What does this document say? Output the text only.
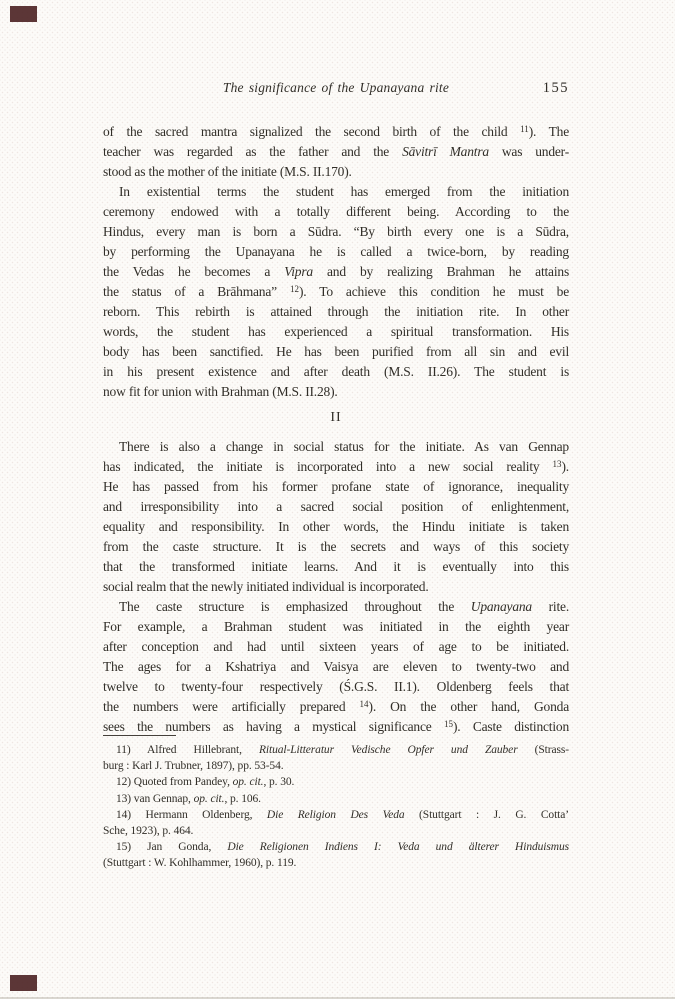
The significance of the Upanayana rite	155
of the sacred mantra signalized the second birth of the child $^{11}$). The
teacher was regarded as the father and the Sāvitrī Mantra was under-
stood as the mother of the initiate (M.S. II.170).
In existential terms the student has emerged from the initiation
ceremony endowed with a totally different being. According to the
Hindus, every man is born a Sūdra. “By birth every one is a Sūdra,
by performing the Upanayana he is called a twice-born, by reading
the Vedas he becomes a Vipra and by realizing Brahman he attains
the status of a Brāhmana” $^{12}$). To achieve this condition he must be
reborn. This rebirth is attained through the initiation rite. In other
words, the student has experienced a spiritual transformation. His
body has been sanctified. He has been purified from all sin and evil
in his present existence and after death (M.S. II.26). The student is
now fit for union with Brahman (M.S. II.28).
II
There is also a change in social status for the initiate. As van Gennap
has indicated, the initiate is incorporated into a new social reality $^{13}$).
He has passed from his former profane state of ignorance, inequality
and irresponsibility into a sacred social position of enlightenment,
equality and responsibility. In other words, the Hindu initiate is taken
from the caste structure. It is the secrets and ways of this society
that the transformed initiate learns. And it is eventually into this
social realm that the newly initiated individual is incorporated.
The caste structure is emphasized throughout the Upanayana rite.
For example, a Brahman student was initiated in the eighth year
after conception and had until sixteen years of age to be initiated.
The ages for a Kshatriya and Vaisya are eleven to twenty-two and
twelve to twenty-four respectively (Ś.G.S. II.1). Oldenberg feels that
the numbers were artificially prepared $^{14}$). On the other hand, Gonda
sees the numbers as having a mystical significance $^{15}$). Caste distinction
11) Alfred Hillebrant, Ritual-Litteratur Vedische Opfer und Zauber (Strass-
burg : Karl J. Trubner, 1897), pp. 53-54.
12) Quoted from Pandey, op. cit., p. 30.
13) van Gennap, op. cit., p. 106.
14) Hermann Oldenberg, Die Religion Des Veda (Stuttgart : J. G. Cotta’
Sche, 1923), p. 464.
15) Jan Gonda, Die Religionen Indiens I: Veda und älterer Hinduismus
(Stuttgart : W. Kohlhammer, 1960), p. 119.
